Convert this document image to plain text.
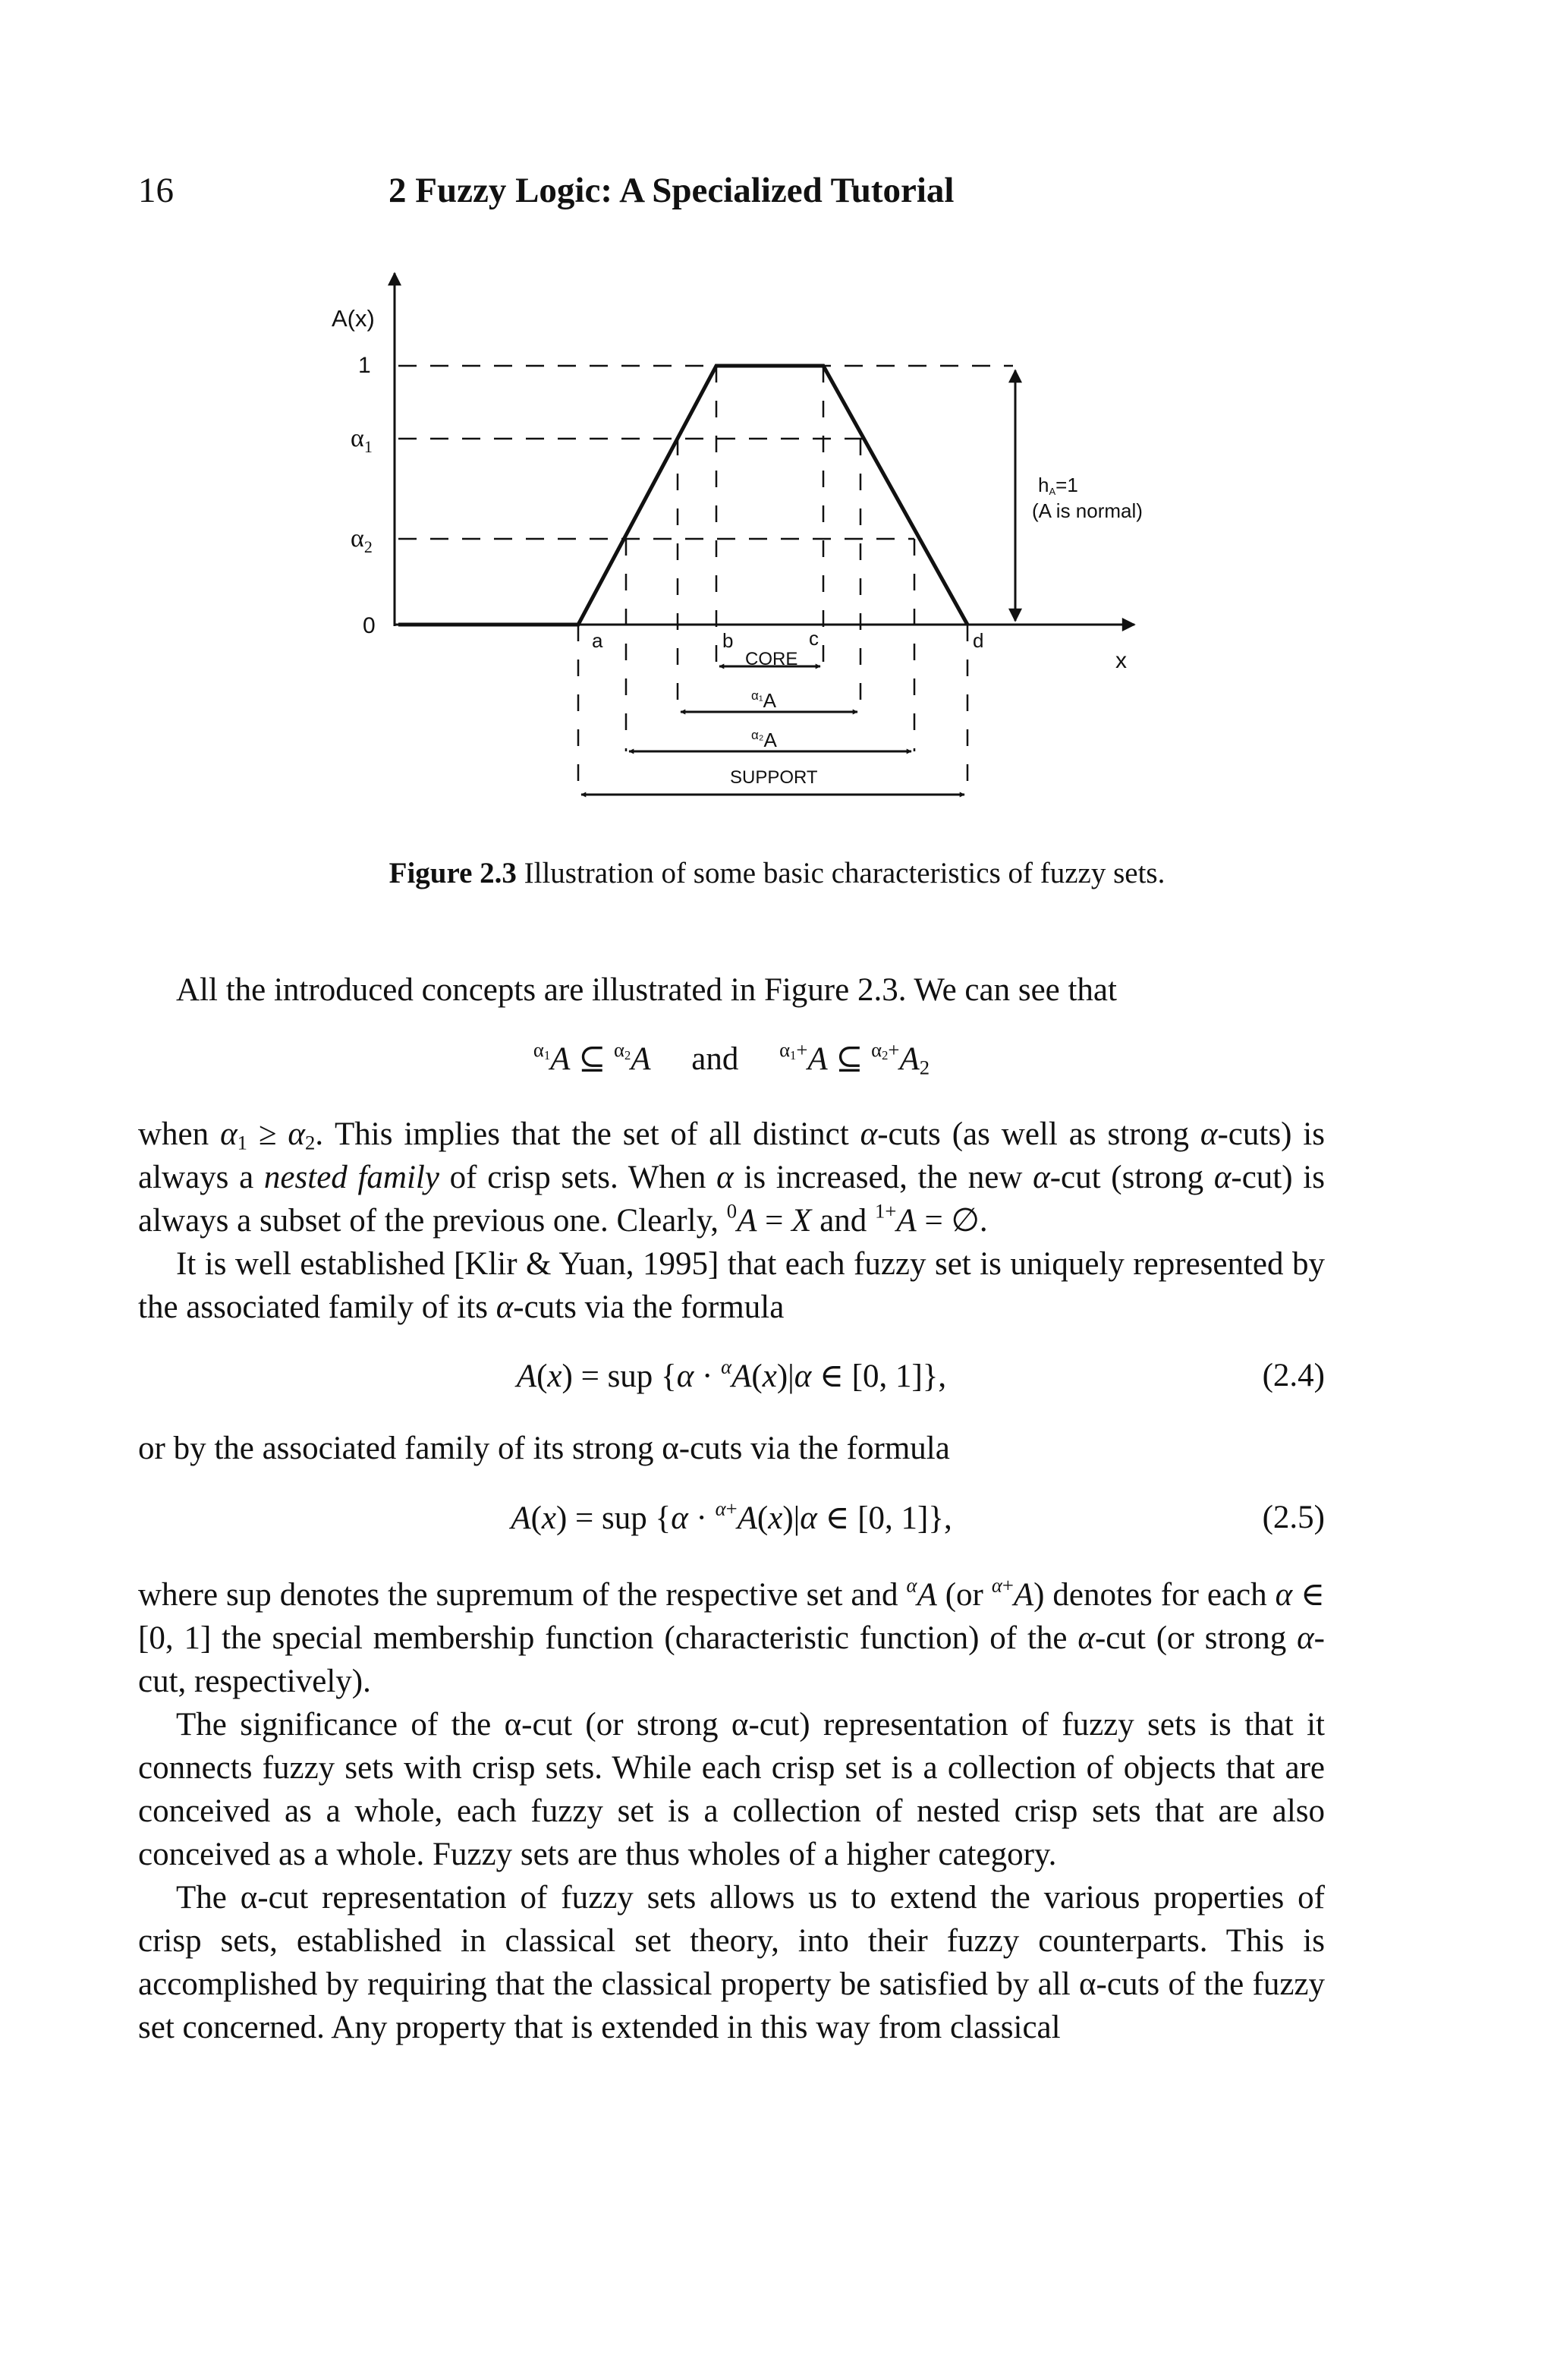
16	2 Fuzzy Logic: A Specialized Tutorial
A(x)
x
1
$\alpha_1$
$\alpha_2$
0
a	b	c	d
CORE
$^{\alpha_1}$A
$^{\alpha_2}$A
SUPPORT
hA=1
(A is normal)
Figure 2.3 Illustration of some basic characteristics of fuzzy sets.

All the introduced concepts are illustrated in Figure 2.3. We can see that

$^{\alpha_1}$A ⊆ $^{\alpha_2}$A     and     $^{\alpha_1+}$A ⊆ $^{\alpha_2+}A_2$

when $\alpha_1 \ge \alpha_2$. This implies that the set of all distinct α-cuts (as well as strong α-cuts) is always a nested family of crisp sets. When α is increased, the new α-cut (strong α-cut) is always a subset of the previous one. Clearly, $^0$A = X and $^{1+}$A = ∅.

It is well established [Klir & Yuan, 1995] that each fuzzy set is uniquely represented by the associated family of its α-cuts via the formula

A(x) = sup {α · $^\alpha$A(x)|α ∈ [0, 1]},	(2.4)

or by the associated family of its strong α-cuts via the formula

A(x) = sup {α · $^{\alpha+}$A(x)|α ∈ [0, 1]},	(2.5)

where sup denotes the supremum of the respective set and $^\alpha$A (or $^{\alpha+}$A) denotes for each α ∈ [0, 1] the special membership function (characteristic function) of the α-cut (or strong α-cut, respectively).

The significance of the α-cut (or strong α-cut) representation of fuzzy sets is that it connects fuzzy sets with crisp sets. While each crisp set is a collection of objects that are conceived as a whole, each fuzzy set is a collection of nested crisp sets that are also conceived as a whole. Fuzzy sets are thus wholes of a higher category.

The α-cut representation of fuzzy sets allows us to extend the various properties of crisp sets, established in classical set theory, into their fuzzy counterparts. This is accomplished by requiring that the classical property be satisfied by all α-cuts of the fuzzy set concerned. Any property that is extended in this way from classical
